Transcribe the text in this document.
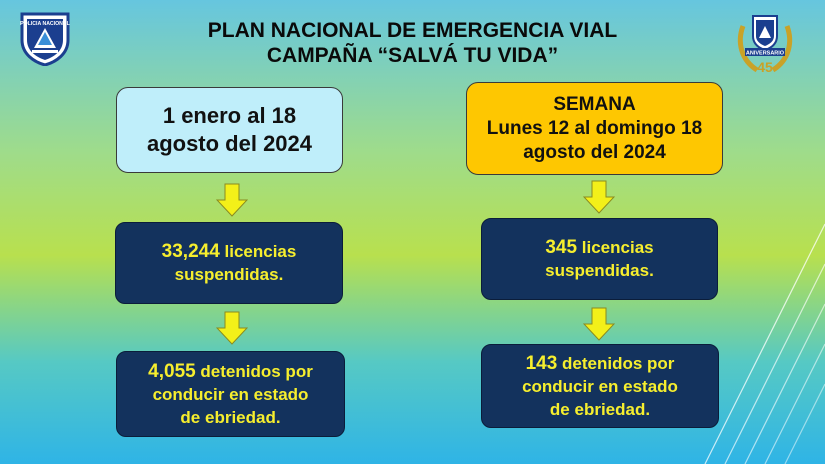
POLICIA NACIONAL
ANIVERSARIO
45
PLAN NACIONAL DE EMERGENCIA VIAL
CAMPAÑA “SALVÁ TU VIDA”
1 enero al 18
agosto del 2024
33,244 licencias
suspendidas.
4,055 detenidos por
conducir en estado
de ebriedad.
SEMANA
Lunes 12 al domingo 18
agosto del 2024
345 licencias
suspendidas.
143 detenidos por
conducir en estado
de ebriedad.
